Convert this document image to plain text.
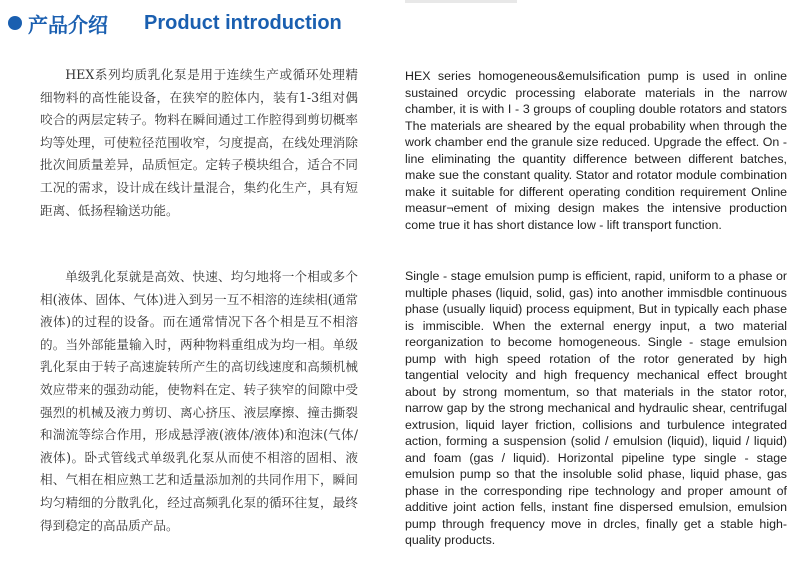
产品介绍 Product introduction

HEX系列均质乳化泵是用于连续生产或循环处理精细物料的高性能设备，在狭窄的腔体内，装有1-3组对偶咬合的两层定转子。物料在瞬间通过工作腔得到剪切概率均等处理，可使粒径范围收窄，匀度提高，在线处理消除批次间质量差异，品质恒定。定转子模块组合，适合不同工况的需求，设计成在线计量混合，集约化生产，具有短距离、低扬程输送功能。

单级乳化泵就是高效、快速、均匀地将一个相或多个相(液体、固体、气体)进入到另一互不相溶的连续相(通常液体)的过程的设备。而在通常情况下各个相是互不相溶的。当外部能量输入时，两种物料重组成为均一相。单级乳化泵由于转子高速旋转所产生的高切线速度和高频机械效应带来的强劲动能，使物料在定、转子狭窄的间隙中受强烈的机械及液力剪切、离心挤压、液层摩擦、撞击撕裂和湍流等综合作用，形成悬浮液(液体/液体)和泡沫(气体/液体)。卧式管线式单级乳化泵从而使不相溶的固相、液相、气相在相应熟工艺和适量添加剂的共同作用下，瞬间均匀精细的分散乳化，经过高频乳化泵的循环往复，最终得到稳定的高品质产品。

HEX series homogeneous&emulsification pump is used in online sustained orcydic processing elaborate materials in the narrow chamber, it is with I - 3 groups of coupling double rotators and stators The materials are sheared by the equal probability when through the work chamber end the granule size reduced. Upgrade the effect. On - line eliminating the quantity difference between different batches, make sue the constant quality. Stator and rotator module combination make it suitable for different operating condition requirement Online measur¬ement of mixing design makes the intensive production come true it has short distance low - lift transport function.

Single - stage emulsion pump is efficient, rapid, uniform to a phase or multiple phases (liquid, solid, gas) into another immisdble continuous phase (usually liquid) process equipment, But in typically each phase is immiscible. When the external energy input, a two material reorganization to become homogeneous. Single - stage emulsion pump with high speed rotation of the rotor generated by high tangential velocity and high frequency mechanical effect brought about by strong momentum, so that materials in the stator rotor, narrow gap by the strong mechanical and hydraulic shear, centrifugal extrusion, liquid layer friction, collisions and turbulence integrated action, forming a suspension (solid / emulsion (liquid), liquid / liquid) and foam (gas / liquid). Horizontal pipeline type single - stage emulsion pump so that the insoluble solid phase, liquid phase, gas phase in the corresponding ripe technology and proper amount of additive joint action fells, instant fine dispersed emulsion, emulsion pump through frequency move in drcles, finally get a stable high-quality products.
